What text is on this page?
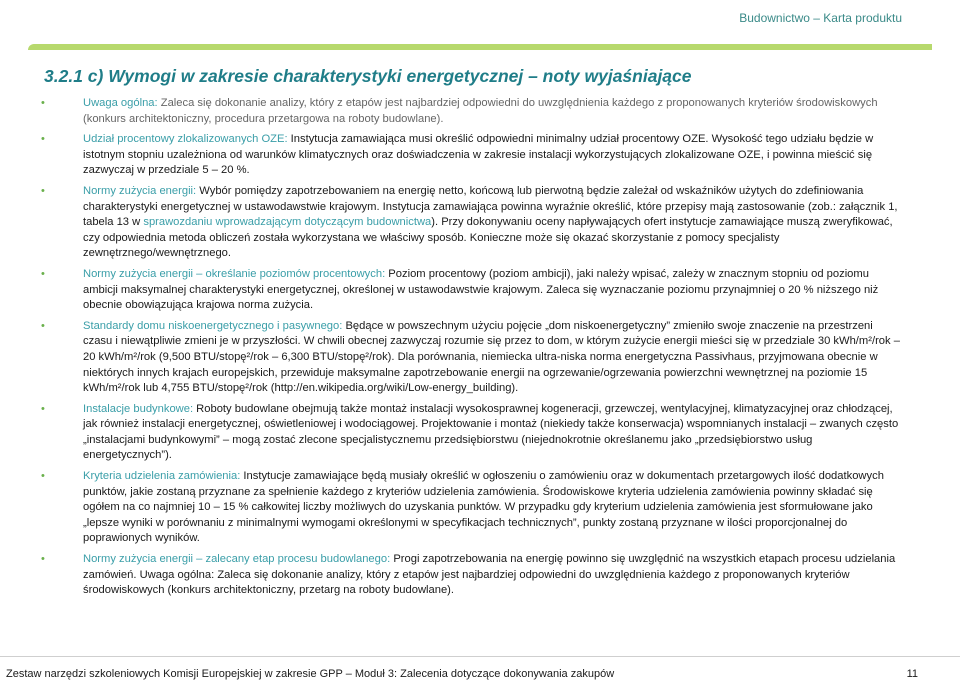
Budownictwo – Karta produktu
3.2.1 c) Wymogi w zakresie charakterystyki energetycznej – noty wyjaśniające
•	Uwaga ogólna: Zaleca się dokonanie analizy, który z etapów jest najbardziej odpowiedni do uwzględnienia każdego z proponowanych kryteriów środowiskowych (konkurs architektoniczny, procedura przetargowa na roboty budowlane).
•	Udział procentowy zlokalizowanych OZE: Instytucja zamawiająca musi określić odpowiedni minimalny udział procentowy OZE. Wysokość tego udziału będzie w istotnym stopniu uzależniona od warunków klimatycznych oraz doświadczenia w zakresie instalacji wykorzystujących zlokalizowane OZE, i powinna mieścić się zazwyczaj w przedziale 5 – 20 %.
•	Normy zużycia energii: Wybór pomiędzy zapotrzebowaniem na energię netto, końcową lub pierwotną będzie zależał od wskaźników użytych do zdefiniowania charakterystyki energetycznej w ustawodawstwie krajowym. Instytucja zamawiająca powinna wyraźnie określić, które przepisy mają zastosowanie (zob.: załącznik 1, tabela 13 w sprawozdaniu wprowadzającym dotyczącym budownictwa). Przy dokonywaniu oceny napływających ofert instytucje zamawiające muszą zweryfikować, czy odpowiednia metoda obliczeń została wykorzystana we właściwy sposób. Konieczne może się okazać skorzystanie z pomocy specjalisty zewnętrznego/wewnętrznego.
•	Normy zużycia energii – określanie poziomów procentowych: Poziom procentowy (poziom ambicji), jaki należy wpisać, zależy w znacznym stopniu od poziomu ambicji maksymalnej charakterystyki energetycznej, określonej w ustawodawstwie krajowym. Zaleca się wyznaczanie poziomu przynajmniej o 20 % niższego niż obecnie obowiązująca krajowa norma zużycia.
•	Standardy domu niskoenergetycznego i pasywnego: Będące w powszechnym użyciu pojęcie „dom niskoenergetyczny” zmieniło swoje znaczenie na przestrzeni czasu i niewątpliwie zmieni je w przyszłości. W chwili obecnej zazwyczaj rozumie się przez to dom, w którym zużycie energii mieści się w przedziale 30 kWh/m²/rok – 20 kWh/m²/rok (9,500 BTU/stopę²/rok – 6,300 BTU/stopę²/rok). Dla porównania, niemiecka ultra-niska norma energetyczna Passivhaus, przyjmowana obecnie w niektórych innych krajach europejskich, przewiduje maksymalne zapotrzebowanie energii na ogrzewanie/ogrzewania powierzchni wewnętrznej na poziomie 15 kWh/m²/rok lub 4,755 BTU/stopę²/rok (http://en.wikipedia.org/wiki/Low-energy_building).
•	Instalacje budynkowe: Roboty budowlane obejmują także montaż instalacji wysokosprawnej kogeneracji, grzewczej, wentylacyjnej, klimatyzacyjnej oraz chłodzącej, jak również instalacji energetycznej, oświetleniowej i wodociągowej. Projektowanie i montaż (niekiedy także konserwacja) wspomnianych instalacji – zwanych często „instalacjami budynkowymi” – mogą zostać zlecone specjalistycznemu przedsiębiorstwu (niejednokrotnie określanemu jako „przedsiębiorstwo usług energetycznych”).
•	Kryteria udzielenia zamówienia: Instytucje zamawiające będą musiały określić w ogłoszeniu o zamówieniu oraz w dokumentach przetargowych ilość dodatkowych punktów, jakie zostaną przyznane za spełnienie każdego z kryteriów udzielenia zamówienia. Środowiskowe kryteria udzielenia zamówienia powinny składać się ogółem na co najmniej 10 – 15 % całkowitej liczby możliwych do uzyskania punktów. W przypadku gdy kryterium udzielenia zamówienia jest sformułowane jako „lepsze wyniki w porównaniu z minimalnymi wymogami określonymi w specyfikacjach technicznych”, punkty zostaną przyznane w ilości proporcjonalnej do poprawionych wyników.
•	Normy zużycia energii – zalecany etap procesu budowlanego: Progi zapotrzebowania na energię powinno się uwzględnić na wszystkich etapach procesu udzielania zamówień. Uwaga ogólna: Zaleca się dokonanie analizy, który z etapów jest najbardziej odpowiedni do uwzględnienia każdego z proponowanych kryteriów środowiskowych (konkurs architektoniczny, przetarg na roboty budowlane).
Zestaw narzędzi szkoleniowych Komisji Europejskiej w zakresie GPP – Moduł 3: Zalecenia dotyczące dokonywania zakupów	11
